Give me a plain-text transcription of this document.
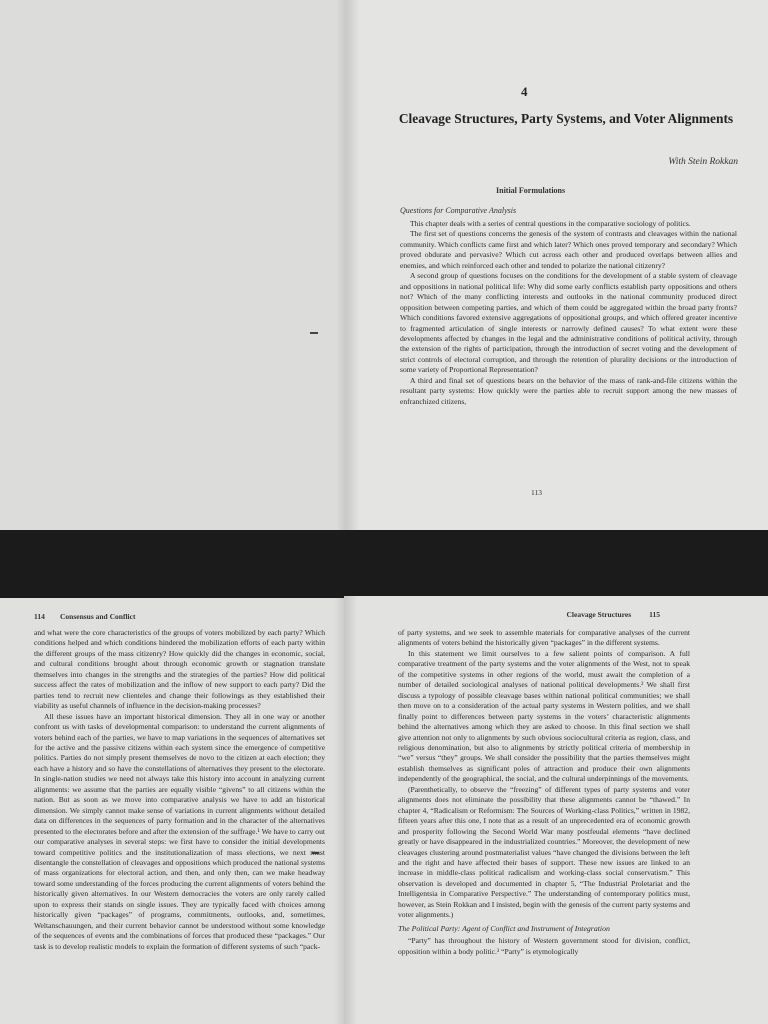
4
Cleavage Structures, Party Systems, and Voter Alignments
With Stein Rokkan
Initial Formulations
Questions for Comparative Analysis

This chapter deals with a series of central questions in the comparative sociology of politics.

The first set of questions concerns the genesis of the system of contrasts and cleavages within the national community. Which conflicts came first and which later? Which ones proved temporary and secondary? Which proved obdurate and pervasive? Which cut across each other and produced overlaps between allies and enemies, and which reinforced each other and tended to polarize the national citizenry?

A second group of questions focuses on the conditions for the development of a stable system of cleavage and oppositions in national political life: Why did some early conflicts establish party oppositions and others not? Which of the many conflicting interests and outlooks in the national community produced direct opposition between competing parties, and which of them could be aggregated within the broad party fronts? Which conditions favored extensive aggregations of oppositional groups, and which offered greater incentive to fragmented articulation of single interests or narrowly defined causes? To what extent were these developments affected by changes in the legal and the administrative conditions of political activity, through the extension of the rights of participation, through the introduction of secret voting and the development of strict controls of electoral corruption, and through the retention of plurality decisions or the introduction of some variety of Proportional Representation?

A third and final set of questions bears on the behavior of the mass of rank-and-file citizens within the resultant party systems: How quickly were the parties able to recruit support among the new masses of enfranchized citizens,

113
114 Consensus and Conflict

and what were the core characteristics of the groups of voters mobilized by each party? Which conditions helped and which conditions hindered the mobilization efforts of each party within the different groups of the mass citizenry? How quickly did the changes in economic, social, and cultural conditions brought about through economic growth or stagnation translate themselves into changes in the strengths and the strategies of the parties? How did political success affect the rates of mobilization and the inflow of new support to each party? Did the parties tend to recruit new clienteles and change their followings as they established their viability as useful channels of influence in the decision-making processes?

All these issues have an important historical dimension. They all in one way or another confront us with tasks of developmental comparison: to understand the current alignments of voters behind each of the parties, we have to map variations in the sequences of alternatives set for the active and the passive citizens within each system since the emergence of competitive politics. Parties do not simply present themselves de novo to the citizen at each election; they each have a history and so have the constellations of alternatives they present to the electorate. In single-nation studies we need not always take this history into account in analyzing current alignments: we assume that the parties are equally visible “givens” to all citizens within the nation. But as soon as we move into comparative analysis we have to add an historical dimension. We simply cannot make sense of variations in current alignments without detailed data on differences in the sequences of party formation and in the character of the alternatives presented to the electorates before and after the extension of the suffrage.¹ We have to carry out our comparative analyses in several steps: we first have to consider the initial developments toward competitive politics and the institutionalization of mass elections, we next must disentangle the constellation of cleavages and oppositions which produced the national systems of mass organizations for electoral action, and then, and only then, can we make headway toward some understanding of the forces producing the current alignments of voters behind the historically given alternatives. In our Western democracies the voters are only rarely called upon to express their stands on single issues. They are typically faced with choices among historically given “packages” of programs, commitments, outlooks, and, sometimes, Weltanschauungen, and their current behavior cannot be understood without some knowledge of the sequences of events and the combinations of forces that produced these “packages.” Our task is to develop realistic models to explain the formation of different systems of such “pack-

Cleavage Structures 115

of party systems, and we seek to assemble materials for comparative analyses of the current alignments of voters behind the historically given “packages” in the different systems.

In this statement we limit ourselves to a few salient points of comparison. A full comparative treatment of the party systems and the voter alignments of the West, not to speak of the competitive systems in other regions of the world, must await the completion of a number of detailed sociological analyses of national political developments.² We shall first discuss a typology of possible cleavage bases within national political communities; we shall then move on to a consideration of the actual party systems in Western polities, and we shall finally point to differences between party systems in the voters’ characteristic alignments behind the alternatives among which they are asked to choose. In this final section we shall give attention not only to alignments by such obvious sociocultural criteria as region, class, and religious denomination, but also to alignments by strictly political criteria of membership in “we” versus “they” groups. We shall consider the possibility that the parties themselves might establish themselves as significant poles of attraction and produce their own alignments independently of the geographical, the social, and the cultural underpinnings of the movements.

(Parenthetically, to observe the “freezing” of different types of party systems and voter alignments does not eliminate the possibility that these alignments cannot be “thawed.” In chapter 4, “Radicalism or Reformism: The Sources of Working-class Politics,” written in 1982, fifteen years after this one, I note that as a result of an unprecedented era of economic growth and prosperity following the Second World War many postfeudal elements “have declined greatly or have disappeared in the industrialized countries.” Moreover, the development of new cleavages clustering around postmaterialist values “have changed the divisions between the left and the right and have affected their bases of support. These new issues are linked to an increase in middle-class political radicalism and working-class social conservatism.” This observation is developed and documented in chapter 5, “The Industrial Proletariat and the Intelligentsia in Comparative Perspective.” The understanding of contemporary politics must, however, as Stein Rokkan and I insisted, begin with the genesis of the current party systems and voter alignments.)

The Political Party: Agent of Conflict and Instrument of Integration

“Party” has throughout the history of Western government stood for division, conflict, opposition within a body politic.³ “Party” is etymologically
